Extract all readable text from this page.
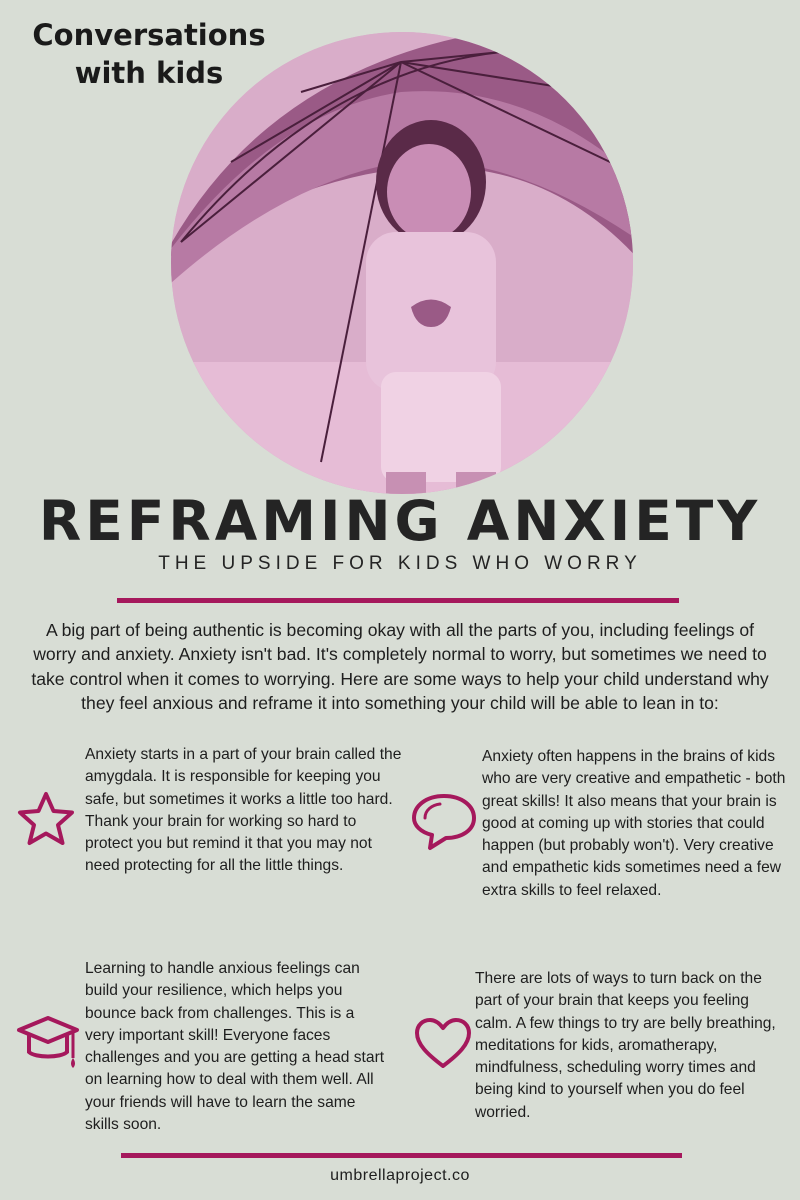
Conversations with kids
REFRAMING ANXIETY
THE UPSIDE FOR KIDS WHO WORRY
A big part of being authentic is becoming okay with all the parts of you, including feelings of worry and anxiety. Anxiety isn't bad. It's completely normal to worry, but sometimes we need to take control when it comes to worrying. Here are some ways to help your child understand why they feel anxious and reframe it into something your child will be able to lean in to:
Anxiety starts in a part of your brain called the amygdala. It is responsible for keeping you safe, but sometimes it works a little too hard. Thank your brain for working so hard to protect you but remind it that you may not need protecting for all the little things.
Anxiety often happens in the brains of kids who are very creative and empathetic - both great skills! It also means that your brain is good at coming up with stories that could happen (but probably won't). Very creative and empathetic kids sometimes need a few extra skills to feel relaxed.
Learning to handle anxious feelings can build your resilience, which helps you bounce back from challenges. This is a very important skill! Everyone faces challenges and you are getting a head start on learning how to deal with them well. All your friends will have to learn the same skills soon.
There are lots of ways to turn back on the part of your brain that keeps you feeling calm. A few things to try are belly breathing, meditations for kids, aromatherapy, mindfulness, scheduling worry times and being kind to yourself when you do feel worried.
umbrellaproject.co
